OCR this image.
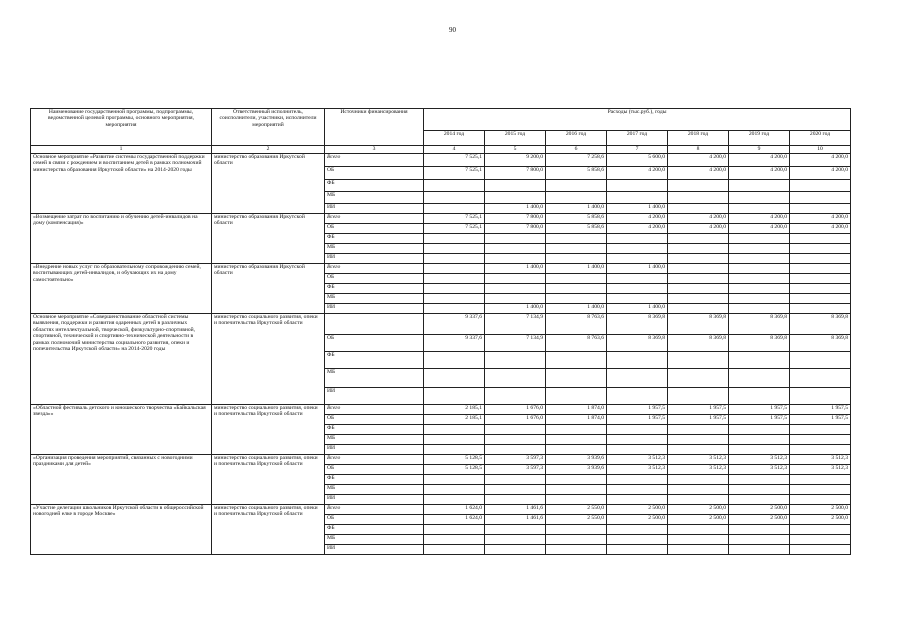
90
Наименование государственной программы, подпрограммы, ведомственной целевой программы, основного мероприятия, мероприятия	Ответственный исполнитель, соисполнители, участники, исполнители мероприятий	Источники финансирования	Расходы (тыс.руб.), годы						
			2014 год	2015 год	2016 год	2017 год	2018 год	2019 год	2020 год
1	2	3	4	5	6	7	8	9	10
Основное мероприятие «Развитие системы государственной поддержки семей в связи с рождением и воспитанием детей в рамках полномочий министерства образования Иркутской области» на 2014-2020 годы	министерство образования Иркутской области	Всего	7 525,1	9 200,0	7 258,6	5 600,0	4 200,0	4 200,0	4 200,0
		ОБ	7 525,1	7 800,0	5 858,6	4 200,0	4 200,0	4 200,0	4 200,0
		ФБ							
		МБ							
		ИИ		1 400,0	1 400,0	1 400,0			
«Возмещение затрат по воспитанию и обучению детей-инвалидов на дому (компенсация)»	министерство образования Иркутской области	Всего	7 525,1	7 800,0	5 858,6	4 200,0	4 200,0	4 200,0	4 200,0
		ОБ	7 525,1	7 800,0	5 858,6	4 200,0	4 200,0	4 200,0	4 200,0
		ФБ							
		МБ							
		ИИ							
«Внедрение новых услуг по образовательному сопровождению семей, воспитывающих детей-инвалидов, и обучающих их на дому самостоятельно»	министерство образования Иркутской области	Всего		1 400,0	1 400,0	1 400,0			
		ОБ							
		ФБ							
		МБ							
		ИИ		1 400,0	1 400,0	1 400,0			
Основное мероприятие «Совершенствование областной системы выявления, поддержки и развития одаренных детей в различных областях интеллектуальной, творческой, физкультурно-спортивной, спортивной, технической и спортивно-технической деятельности в рамках полномочий министерства социального развития, опеки и попечительства Иркутской области» на 2014-2020 годы	министерство социального развития, опеки и попечительства Иркутской области		9 337,6	7 134,9	8 763,6	8 369,8	8 369,8	8 369,8	8 369,8
		ОБ	9 337,6	7 134,9	8 763,6	8 369,8	8 369,8	8 369,8	8 369,8
		ФБ							
		МБ							
		ИИ							
«Областной фестиваль детского и юношеского творчества «Байкальская звезда»»	министерство социального развития, опеки и попечительства Иркутской области	Всего	2 185,1	1 676,0	1 874,0	1 957,5	1 957,5	1 957,5	1 957,5
		ОБ	2 185,1	1 676,0	1 874,0	1 957,5	1 957,5	1 957,5	1 957,5
		ФБ							
		МБ							
		ИИ							
«Организация проведения мероприятий, связанных с новогодними праздниками для детей»	министерство социального развития, опеки и попечительства Иркутской области	Всего	5 128,5	3 597,3	3 939,6	3 512,3	3 512,3	3 512,3	3 512,3
		ОБ	5 128,5	3 597,3	3 939,6	3 512,3	3 512,3	3 512,3	3 512,3
		ФБ							
		МБ							
		ИИ							
«Участие делегации школьников Иркутской области в общероссийской новогодней елке в городе Москве»	министерство социального развития, опеки и попечительства Иркутской области	Всего	1 624,0	1 461,6	2 550,0	2 500,0	2 500,0	2 500,0	2 500,0
		ОБ	1 624,0	1 461,6	2 550,0	2 500,0	2 500,0	2 500,0	2 500,0
		ФБ							
		МБ							
		ИИ							
